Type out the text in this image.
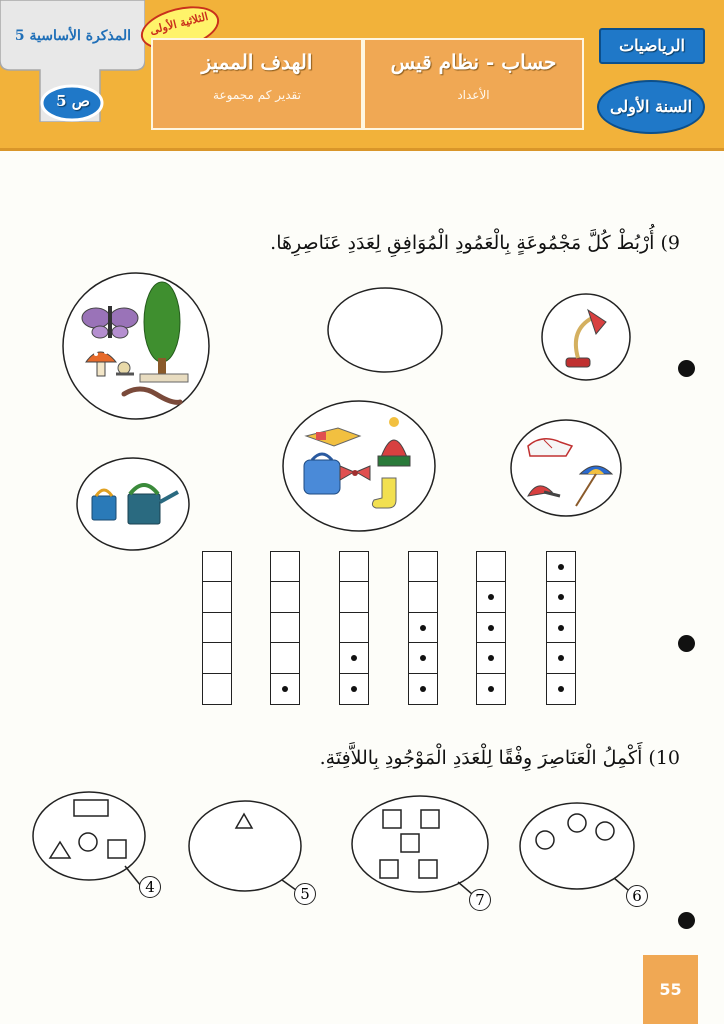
المذكرة الأساسية 5
ص 5
الثلاثية الأولى
الهدف المميز
تقدير كم مجموعة
حساب - نظام قيس
الأعداد
الرياضيات
السنة الأولى
9) أُرْبُطْ كُلَّ مَجْمُوعَةٍ بِالْعَمُودِ الْمُوَافِقِ لِعَدَدِ عَنَاصِرِهَا.
10) أَكْمِلُ الْعَنَاصِرَ وِفْقًا لِلْعَدَدِ الْمَوْجُودِ بِاللاَّفِتَةِ.
4	5	7	6
55
